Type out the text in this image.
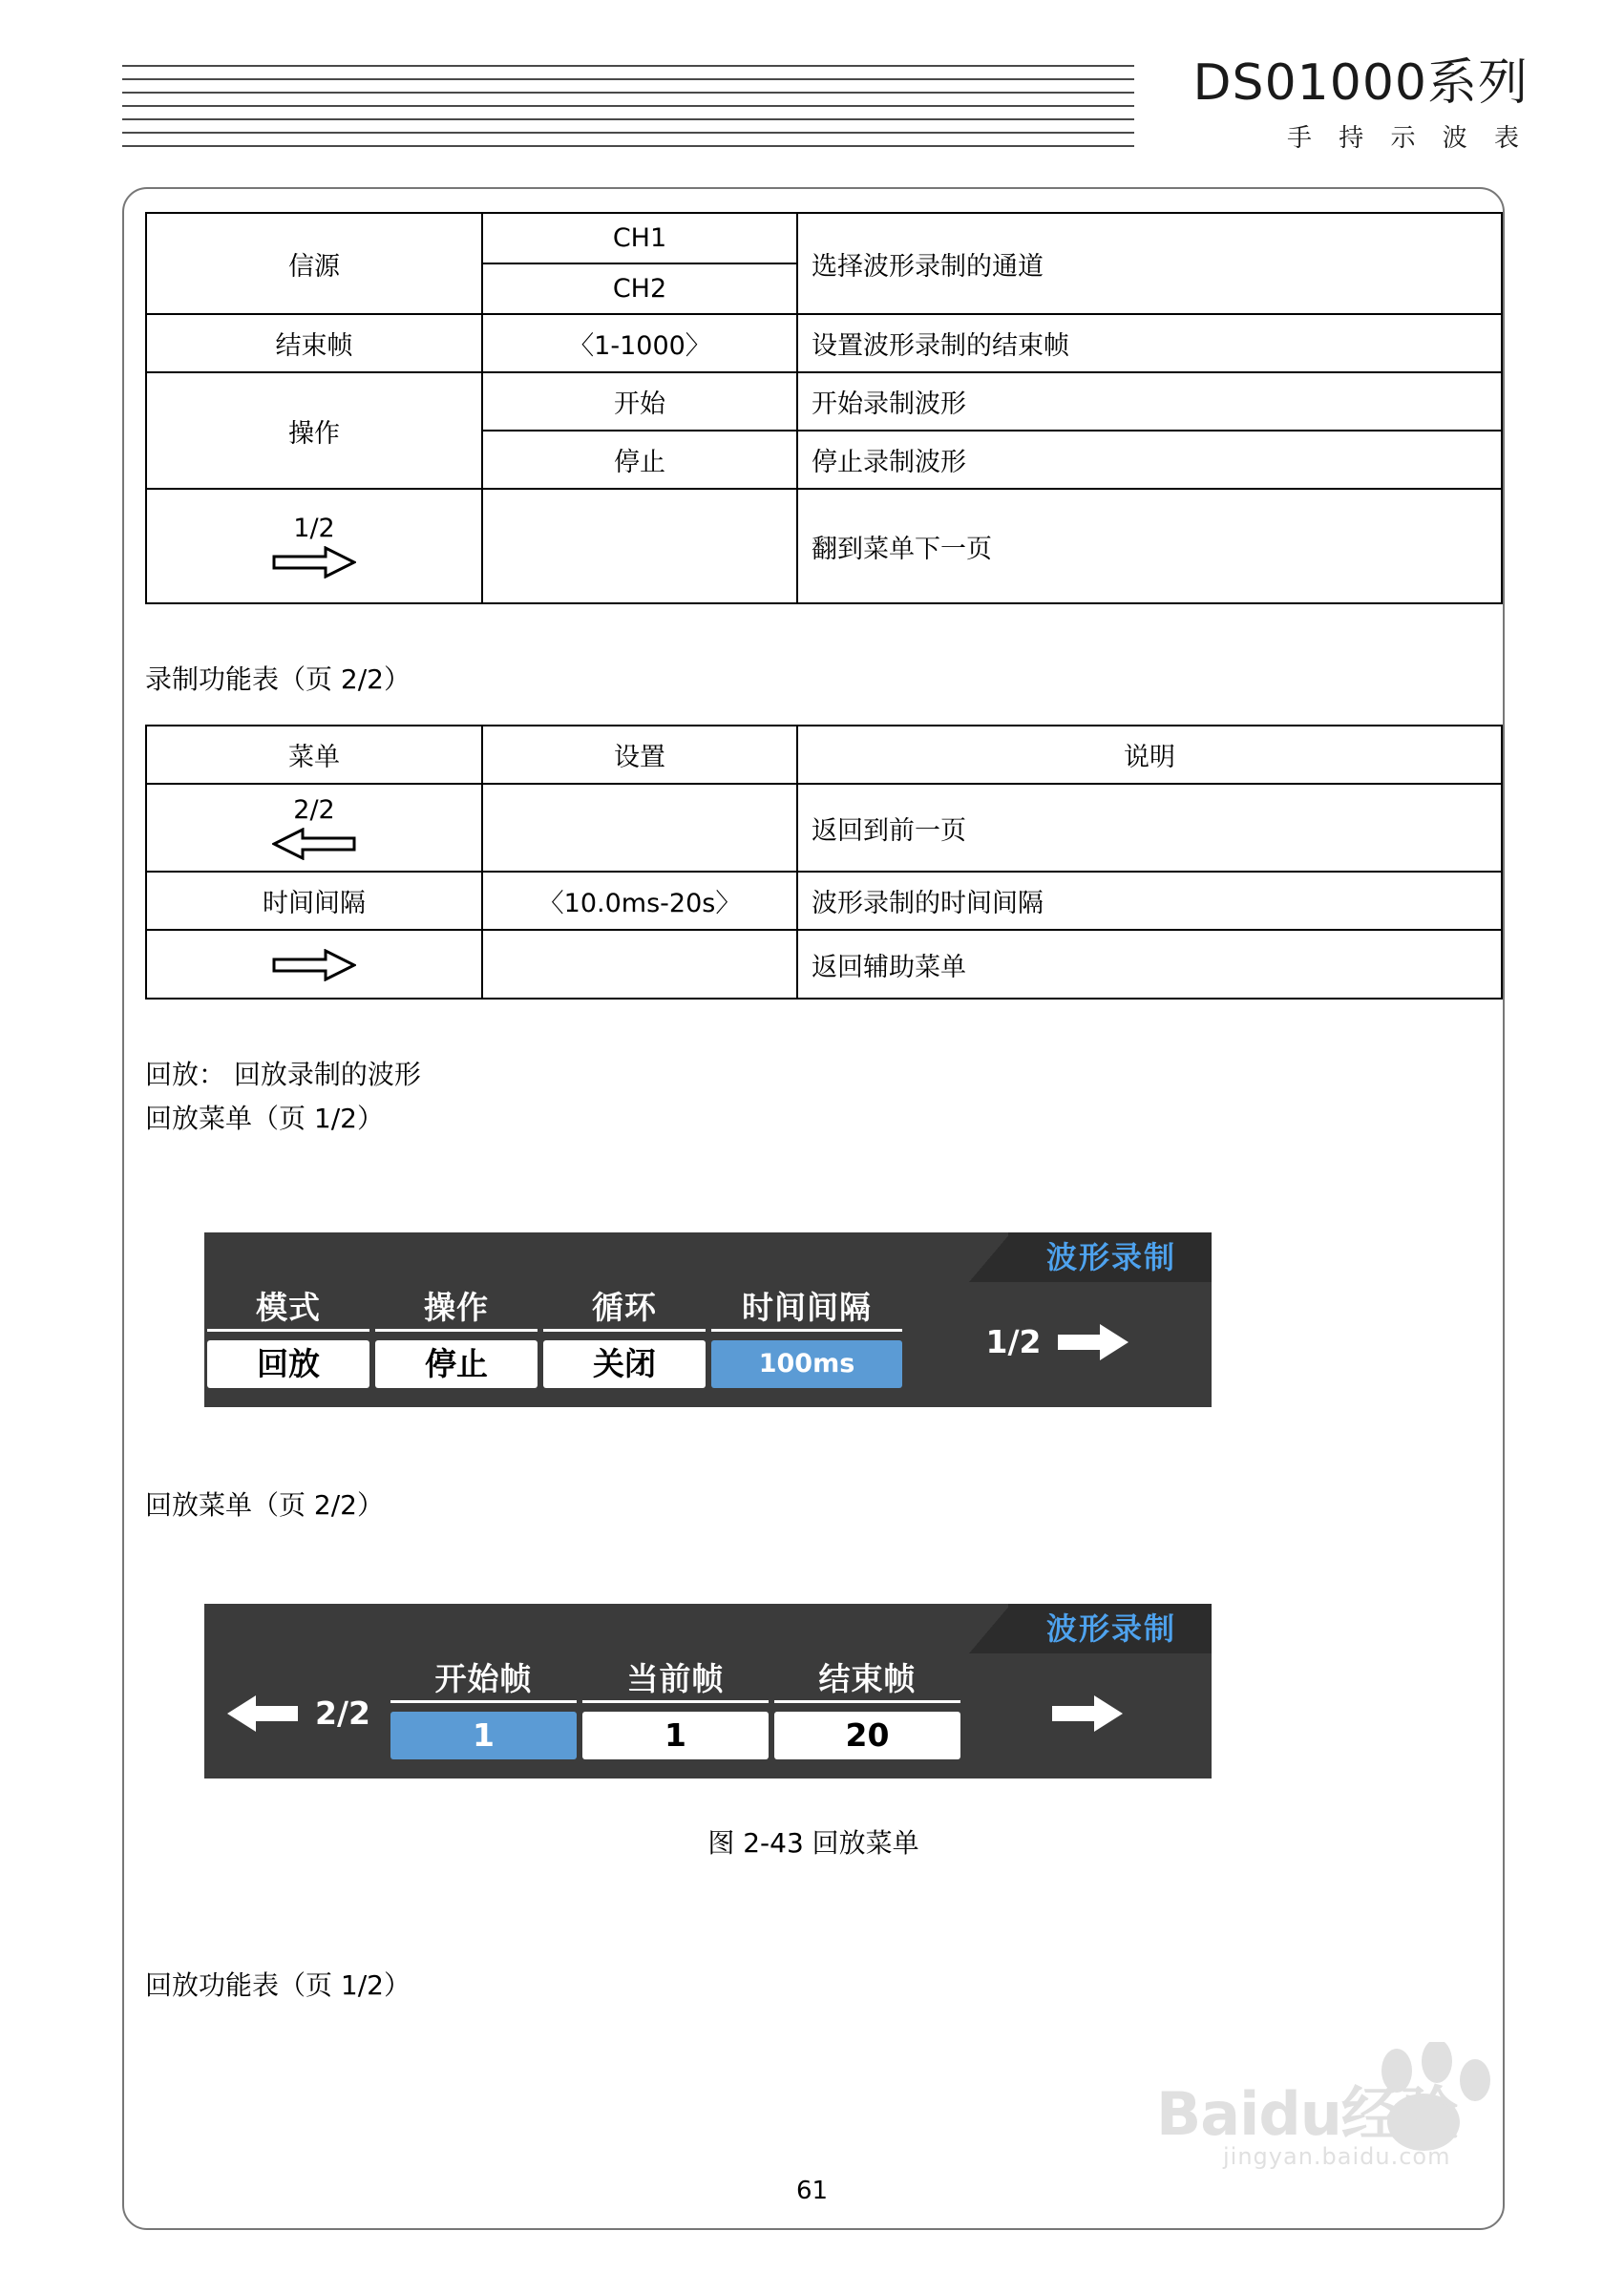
DS01000系列
手 持 示 波 表
信源	CH1	选择波形录制的通道
	CH2	
结束帧	〈1-1000〉	设置波形录制的结束帧
操作	开始	开始录制波形
	停止	停止录制波形
1/2		翻到菜单下一页

录制功能表（页 2/2）

菜单	设置	说明
2/2		返回到前一页
时间间隔	〈10.0ms-20s〉	波形录制的时间间隔

		返回辅助菜单

回放： 回放录制的波形

回放菜单（页 1/2）

波形录制
模式
回放
操作
停止
循环
关闭
时间间隔
100ms
1/2

回放菜单（页 2/2）

波形录制
2/2
开始帧
1
当前帧
1
结束帧
20

图 2-43 回放菜单

回放功能表（页 1/2）

Baidu经验
jingyan.baidu.com
61
